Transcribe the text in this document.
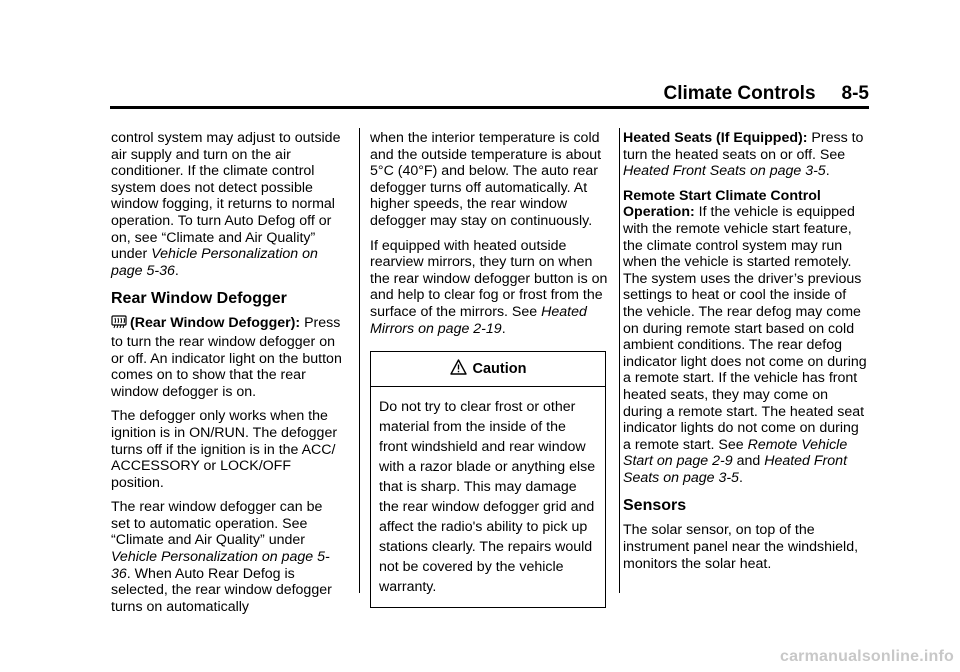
Climate Controls 8-5

control system may adjust to outside air supply and turn on the air conditioner. If the climate control system does not detect possible window fogging, it returns to normal operation. To turn Auto Defog off or on, see “Climate and Air Quality” under Vehicle Personalization on page 5-36.

Rear Window Defogger

(Rear Window Defogger): Press to turn the rear window defogger on or off. An indicator light on the button comes on to show that the rear window defogger is on.

The defogger only works when the ignition is in ON/RUN. The defogger turns off if the ignition is in the ACC/ ACCESSORY or LOCK/OFF position.

The rear window defogger can be set to automatic operation. See “Climate and Air Quality” under Vehicle Personalization on page 5-36. When Auto Rear Defog is selected, the rear window defogger turns on automatically

when the interior temperature is cold and the outside temperature is about 5°C (40°F) and below. The auto rear defogger turns off automatically. At higher speeds, the rear window defogger may stay on continuously.

If equipped with heated outside rearview mirrors, they turn on when the rear window defogger button is on and help to clear fog or frost from the surface of the mirrors. See Heated Mirrors on page 2-19.

Caution
Do not try to clear frost or other material from the inside of the front windshield and rear window with a razor blade or anything else that is sharp. This may damage the rear window defogger grid and affect the radio's ability to pick up stations clearly. The repairs would not be covered by the vehicle warranty.

Heated Seats (If Equipped): Press to turn the heated seats on or off. See Heated Front Seats on page 3-5.

Remote Start Climate Control Operation: If the vehicle is equipped with the remote vehicle start feature, the climate control system may run when the vehicle is started remotely. The system uses the driver’s previous settings to heat or cool the inside of the vehicle. The rear defog may come on during remote start based on cold ambient conditions. The rear defog indicator light does not come on during a remote start. If the vehicle has front heated seats, they may come on during a remote start. The heated seat indicator lights do not come on during a remote start. See Remote Vehicle Start on page 2-9 and Heated Front Seats on page 3-5.

Sensors

The solar sensor, on top of the instrument panel near the windshield, monitors the solar heat.

carmanualsonline.info
